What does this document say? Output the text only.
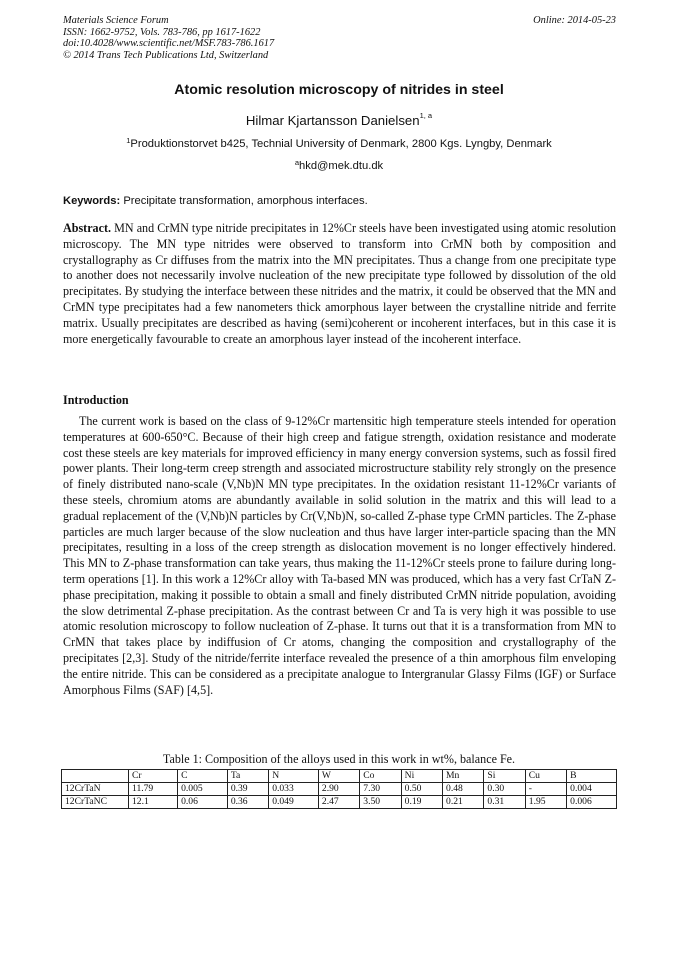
Materials Science Forum
ISSN: 1662-9752, Vols. 783-786, pp 1617-1622
doi:10.4028/www.scientific.net/MSF.783-786.1617
© 2014 Trans Tech Publications Ltd, Switzerland
Online: 2014-05-23
Atomic resolution microscopy of nitrides in steel
Hilmar Kjartansson Danielsen$^{1, a}$
$^1$Produktionstorvet b425, Technial University of Denmark, 2800 Kgs. Lyngby, Denmark
$^a$hkd@mek.dtu.dk
Keywords: Precipitate transformation, amorphous interfaces.
Abstract. MN and CrMN type nitride precipitates in 12%Cr steels have been investigated using atomic resolution microscopy. The MN type nitrides were observed to transform into CrMN both by composition and crystallography as Cr diffuses from the matrix into the MN precipitates. Thus a change from one precipitate type to another does not necessarily involve nucleation of the new precipitate type followed by dissolution of the old precipitates. By studying the interface between these nitrides and the matrix, it could be observed that the MN and CrMN type precipitates had a few nanometers thick amorphous layer between the crystalline nitride and ferrite matrix. Usually precipitates are described as having (semi)coherent or incoherent interfaces, but in this case it is more energetically favourable to create an amorphous layer instead of the incoherent interface.
Introduction
The current work is based on the class of 9-12%Cr martensitic high temperature steels intended for operation temperatures at 600-650°C. Because of their high creep and fatigue strength, oxidation resistance and moderate cost these steels are key materials for improved efficiency in many energy conversion systems, such as fossil fired power plants. Their long-term creep strength and associated microstructure stability rely strongly on the presence of finely distributed nano-scale (V,Nb)N MN type precipitates. In the oxidation resistant 11-12%Cr variants of these steels, chromium atoms are abundantly available in solid solution in the matrix and this will lead to a gradual replacement of the (V,Nb)N particles by Cr(V,Nb)N, so-called Z-phase type CrMN particles. The Z-phase particles are much larger because of the slow nucleation and thus have larger inter-particle spacing than the MN precipitates, resulting in a loss of the creep strength as dislocation movement is no longer effectively hindered. This MN to Z-phase transformation can take years, thus making the 11-12%Cr steels prone to failure during long-term operations [1]. In this work a 12%Cr alloy with Ta-based MN was produced, which has a very fast CrTaN Z-phase precipitation, making it possible to obtain a small and finely distributed CrMN nitride population, avoiding the slow detrimental Z-phase precipitation. As the contrast between Cr and Ta is very high it was possible to use atomic resolution microscopy to follow nucleation of Z-phase. It turns out that it is a transformation from MN to CrMN that takes place by indiffusion of Cr atoms, changing the composition and crystallography of the precipitates [2,3]. Study of the nitride/ferrite interface revealed the presence of a thin amorphous film enveloping the entire nitride. This can be considered as a precipitate analogue to Intergranular Glassy Films (IGF) or Surface Amorphous Films (SAF) [4,5].
Table 1: Composition of the alloys used in this work in wt%, balance Fe.
	Cr	C	Ta	N	W	Co	Ni	Mn	Si	Cu	B
12CrTaN	11.79	0.005	0.39	0.033	2.90	7.30	0.50	0.48	0.30	-	0.004
12CrTaNC	12.1	0.06	0.36	0.049	2.47	3.50	0.19	0.21	0.31	1.95	0.006
